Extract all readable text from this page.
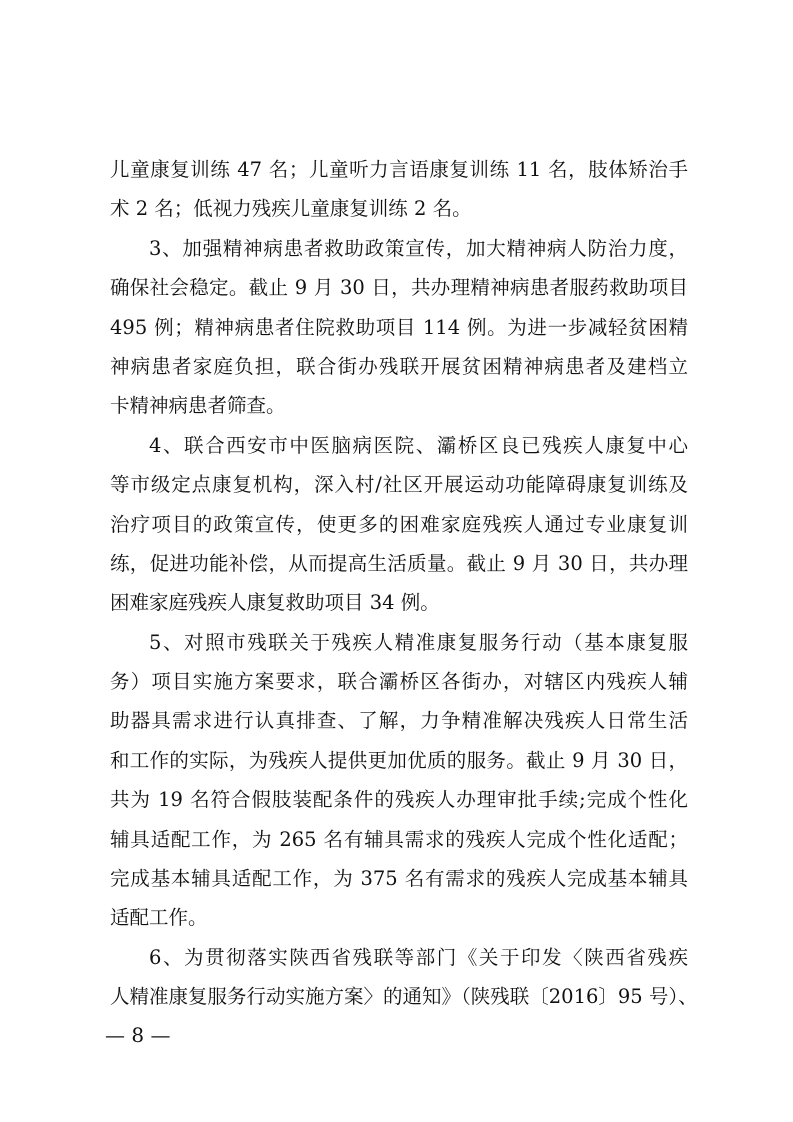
儿童康复训练 47 名；儿童听力言语康复训练 11 名，肢体矫治手
术 2 名；低视力残疾儿童康复训练 2 名。
3、加强精神病患者救助政策宣传，加大精神病人防治力度，
确保社会稳定。截止 9 月 30 日，共办理精神病患者服药救助项目
495 例；精神病患者住院救助项目 114 例。为进一步减轻贫困精
神病患者家庭负担，联合街办残联开展贫困精神病患者及建档立
卡精神病患者筛查。
4、联合西安市中医脑病医院、灞桥区良已残疾人康复中心
等市级定点康复机构，深入村/社区开展运动功能障碍康复训练及
治疗项目的政策宣传，使更多的困难家庭残疾人通过专业康复训
练，促进功能补偿，从而提高生活质量。截止 9 月 30 日，共办理
困难家庭残疾人康复救助项目 34 例。
5、对照市残联关于残疾人精准康复服务行动（基本康复服
务）项目实施方案要求，联合灞桥区各街办，对辖区内残疾人辅
助器具需求进行认真排查、了解，力争精准解决残疾人日常生活
和工作的实际，为残疾人提供更加优质的服务。截止 9 月 30 日，
共为 19 名符合假肢装配条件的残疾人办理审批手续;完成个性化
辅具适配工作，为 265 名有辅具需求的残疾人完成个性化适配；
完成基本辅具适配工作，为 375 名有需求的残疾人完成基本辅具
适配工作。
6、为贯彻落实陕西省残联等部门《关于印发〈陕西省残疾
人精准康复服务行动实施方案〉的通知》（陕残联〔2016〕95 号）、
— 8 —
